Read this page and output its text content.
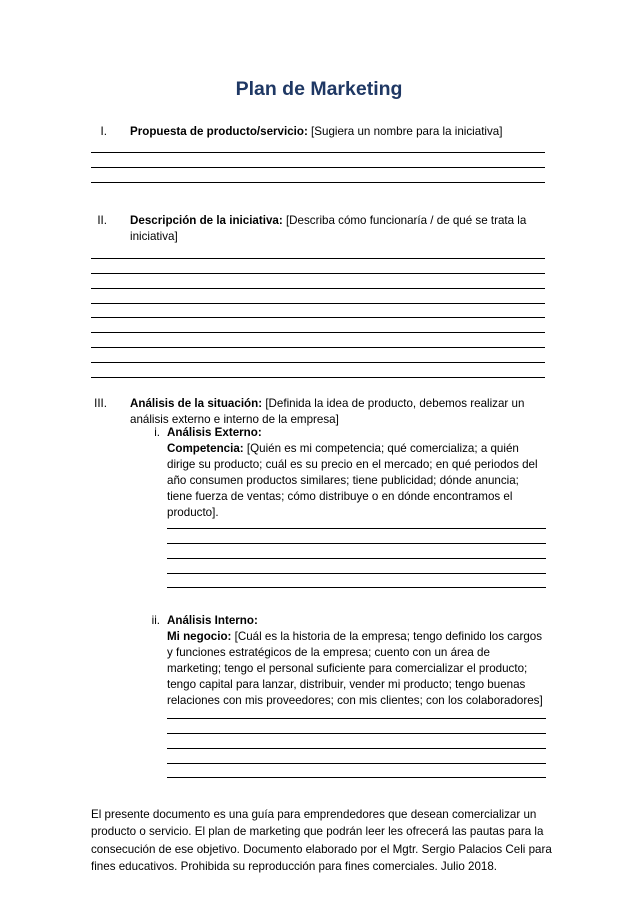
Plan de Marketing
I. Propuesta de producto/servicio: [Sugiera un nombre para la iniciativa]
II. Descripción de la iniciativa: [Describa cómo funcionaría / de qué se trata la iniciativa]
III. Análisis de la situación: [Definida la idea de producto, debemos realizar un análisis externo e interno de la empresa]
i. Análisis Externo:
Competencia: [Quién es mi competencia; qué comercializa; a quién dirige su producto; cuál es su precio en el mercado; en qué periodos del año consumen productos similares; tiene publicidad; dónde anuncia; tiene fuerza de ventas; cómo distribuye o en dónde encontramos el producto].
ii. Análisis Interno:
Mi negocio: [Cuál es la historia de la empresa; tengo definido los cargos y funciones estratégicos de la empresa; cuento con un área de marketing; tengo el personal suficiente para comercializar el producto; tengo capital para lanzar, distribuir, vender mi producto; tengo buenas relaciones con mis proveedores; con mis clientes; con los colaboradores]
El presente documento es una guía para emprendedores que desean comercializar un producto o servicio. El plan de marketing que podrán leer les ofrecerá las pautas para la consecución de ese objetivo. Documento elaborado por el Mgtr. Sergio Palacios Celi para fines educativos. Prohibida su reproducción para fines comerciales. Julio 2018.
